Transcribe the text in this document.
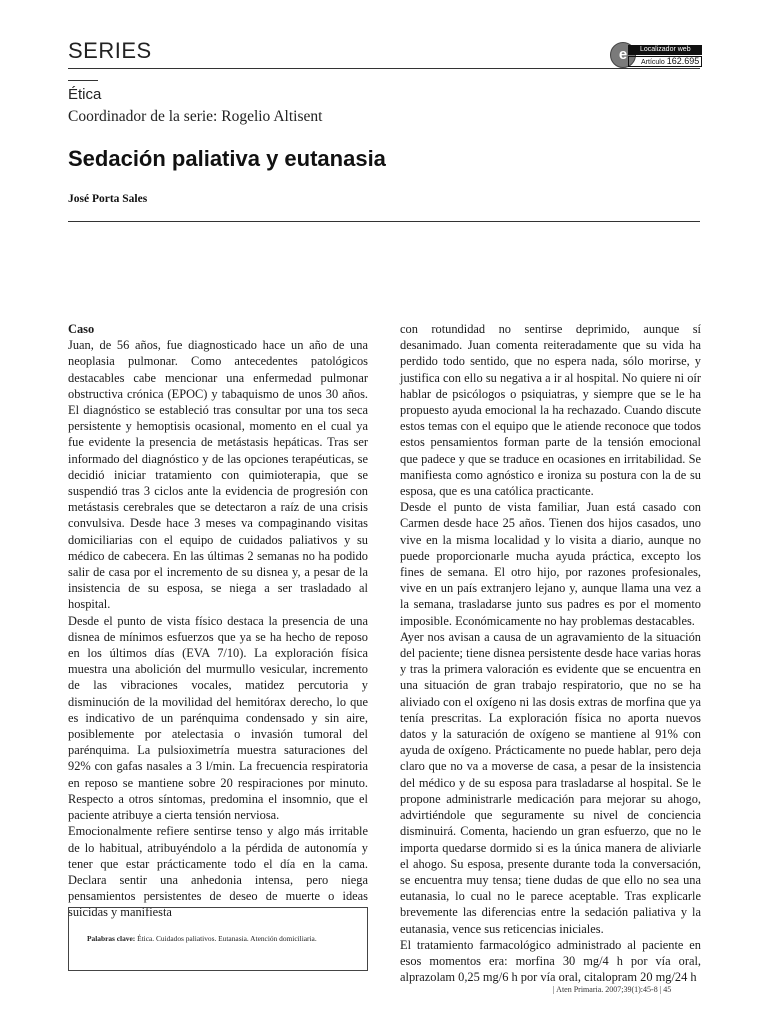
SERIES
Ética
Coordinador de la serie: Rogelio Altisent
Sedación paliativa y eutanasia
José Porta Sales
e	Localizador web
Artículo 162.695

Caso

Juan, de 56 años, fue diagnosticado hace un año de una neoplasia pulmonar. Como antecedentes patológicos destacables cabe mencionar una enfermedad pulmonar obstructiva crónica (EPOC) y tabaquismo de unos 30 años. El diagnóstico se estableció tras consultar por una tos seca persistente y hemoptisis ocasional, momento en el cual ya fue evidente la presencia de metástasis hepáticas. Tras ser informado del diagnóstico y de las opciones terapéuticas, se decidió iniciar tratamiento con quimioterapia, que se suspendió tras 3 ciclos ante la evidencia de progresión con metástasis cerebrales que se detectaron a raíz de una crisis convulsiva. Desde hace 3 meses va compaginando visitas domiciliarias con el equipo de cuidados paliativos y su médico de cabecera. En las últimas 2 semanas no ha podido salir de casa por el incremento de su disnea y, a pesar de la insistencia de su esposa, se niega a ser trasladado al hospital.

Desde el punto de vista físico destaca la presencia de una disnea de mínimos esfuerzos que ya se ha hecho de reposo en los últimos días (EVA 7/10). La exploración física muestra una abolición del murmullo vesicular, incremento de las vibraciones vocales, matidez percutoria y disminución de la movilidad del hemitórax derecho, lo que es indicativo de un parénquima condensado y sin aire, posiblemente por atelectasia o invasión tumoral del parénquima. La pulsioximetría muestra saturaciones del 92% con gafas nasales a 3 l/min. La frecuencia respiratoria en reposo se mantiene sobre 20 respiraciones por minuto. Respecto a otros síntomas, predomina el insomnio, que el paciente atribuye a cierta tensión nerviosa.

Emocionalmente refiere sentirse tenso y algo más irritable de lo habitual, atribuyéndolo a la pérdida de autonomía y tener que estar prácticamente todo el día en la cama. Declara sentir una anhedonia intensa, pero niega pensamientos persistentes de deseo de muerte o ideas suicidas y manifiesta

con rotundidad no sentirse deprimido, aunque sí desanimado. Juan comenta reiteradamente que su vida ha perdido todo sentido, que no espera nada, sólo morirse, y justifica con ello su negativa a ir al hospital. No quiere ni oír hablar de psicólogos o psiquiatras, y siempre que se le ha propuesto ayuda emocional la ha rechazado. Cuando discute estos temas con el equipo que le atiende reconoce que todos estos pensamientos forman parte de la tensión emocional que padece y que se traduce en ocasiones en irritabilidad. Se manifiesta como agnóstico e ironiza su postura con la de su esposa, que es una católica practicante.

Desde el punto de vista familiar, Juan está casado con Carmen desde hace 25 años. Tienen dos hijos casados, uno vive en la misma localidad y lo visita a diario, aunque no puede proporcionarle mucha ayuda práctica, excepto los fines de semana. El otro hijo, por razones profesionales, vive en un país extranjero lejano y, aunque llama una vez a la semana, trasladarse junto sus padres es por el momento imposible. Económicamente no hay problemas destacables.

Ayer nos avisan a causa de un agravamiento de la situación del paciente; tiene disnea persistente desde hace varias horas y tras la primera valoración es evidente que se encuentra en una situación de gran trabajo respiratorio, que no se ha aliviado con el oxígeno ni las dosis extras de morfina que ya tenía prescritas. La exploración física no aporta nuevos datos y la saturación de oxígeno se mantiene al 91% con ayuda de oxígeno. Prácticamente no puede hablar, pero deja claro que no va a moverse de casa, a pesar de la insistencia del médico y de su esposa para trasladarse al hospital. Se le propone administrarle medicación para mejorar su ahogo, advirtiéndole que seguramente su nivel de conciencia disminuirá. Comenta, haciendo un gran esfuerzo, que no le importa quedarse dormido si es la única manera de aliviarle el ahogo. Su esposa, presente durante toda la conversación, se encuentra muy tensa; tiene dudas de que ello no sea una eutanasia, lo cual no le parece aceptable. Tras explicarle brevemente las diferencias entre la sedación paliativa y la eutanasia, vence sus reticencias iniciales.

El tratamiento farmacológico administrado al paciente en esos momentos era: morfina 30 mg/4 h por vía oral, alprazolam 0,25 mg/6 h por vía oral, citalopram 20 mg/24 h

Palabras clave: Ética. Cuidados paliativos. Eutanasia. Atención domiciliaria.
| Aten Primaria. 2007;39(1):45-8 | 45
